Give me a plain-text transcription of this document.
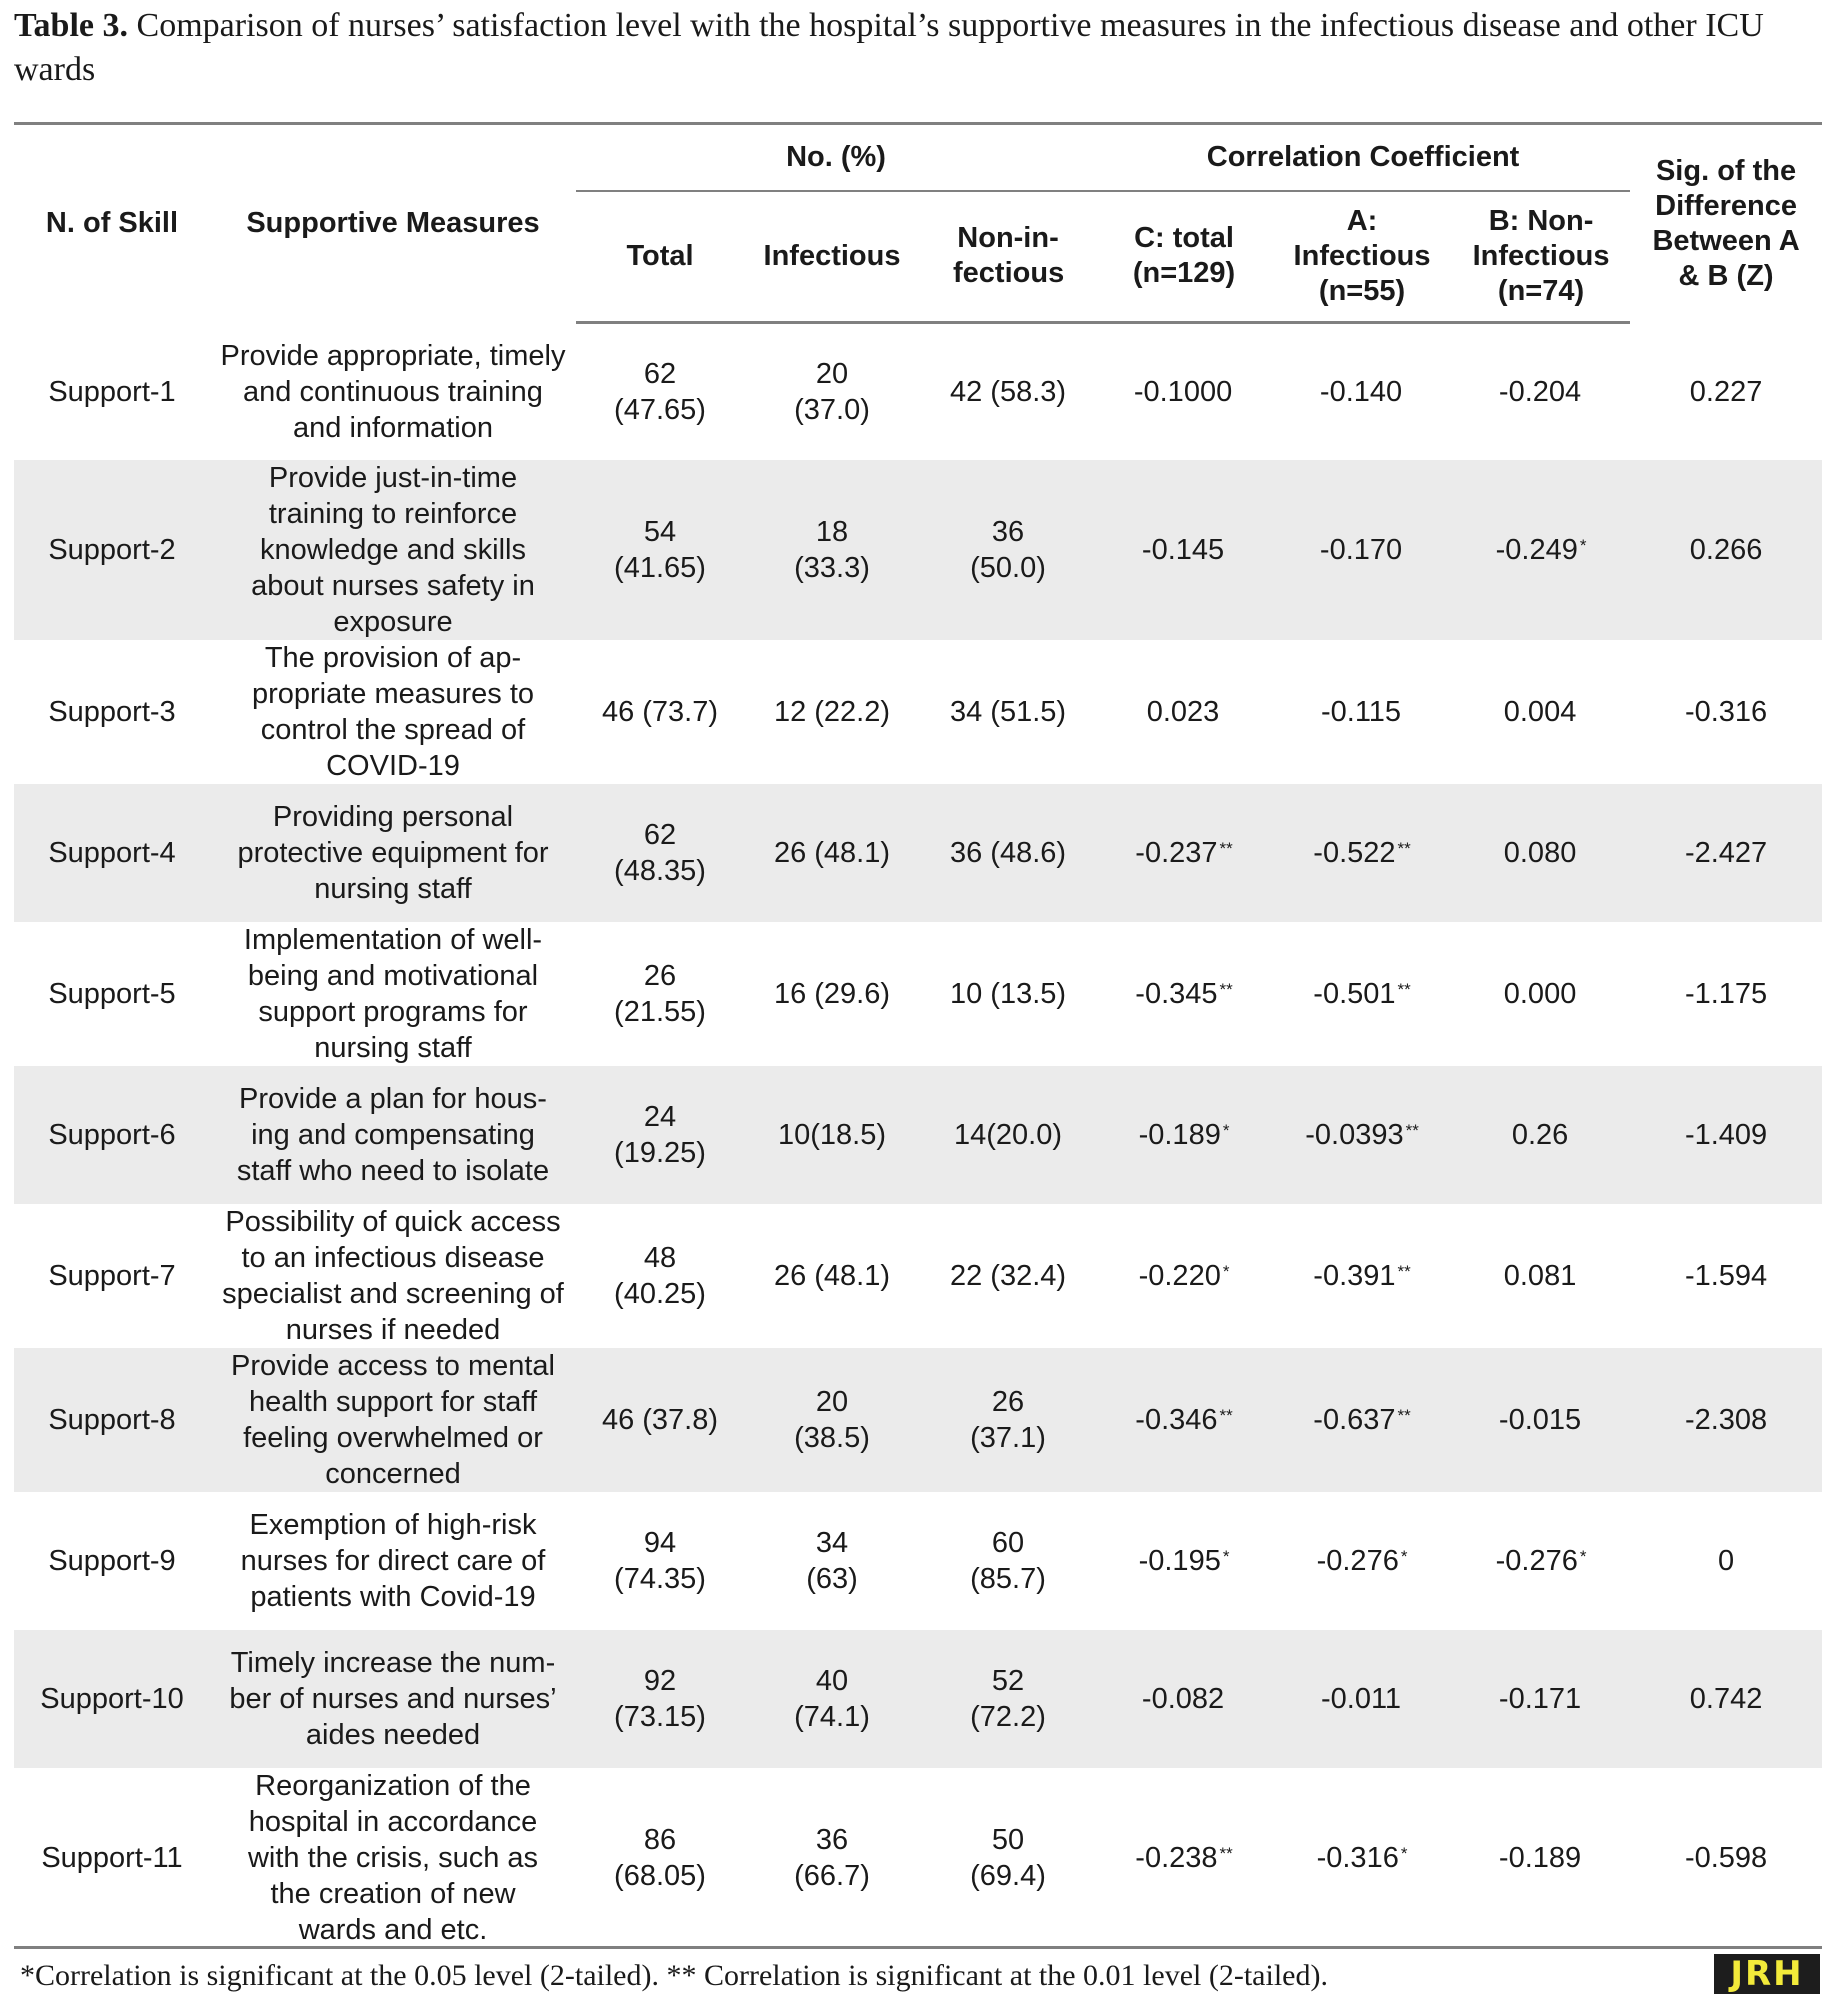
Table 3. Comparison of nurses’ satisfaction level with the hospital’s supportive measures in the infectious disease and other ICU wards
N. of Skill	Supportive Measures	No. (%)			Correlation Coefficient			Sig. of the Difference Between A & B (Z)

		Total	Infectious	Non-in-fectious	C: total (n=129)	A: Infectious (n=55)	B: Non-Infectious (n=74)	

Support-1	Provide appropriate, timely and continuous training and information	62 (47.65)	20 (37.0)	42 (58.3)	-0.1000	-0.140	-0.204	0.227
Support-2	Provide just-in-time training to reinforce knowledge and skills about nurses safety in exposure	54 (41.65)	18 (33.3)	36 (50.0)	-0.145	-0.170	-0.249 *	0.266
Support-3	The provision of ap-propriate measures to control the spread of COVID-19	46 (73.7)	12 (22.2)	34 (51.5)	0.023	-0.115	0.004	-0.316
Support-4	Providing personal protective equipment for nursing staff	62 (48.35)	26 (48.1)	36 (48.6)	-0.237 **	-0.522 **	0.080	-2.427
Support-5	Implementation of well-being and motivational support programs for nursing staff	26 (21.55)	16 (29.6)	10 (13.5)	-0.345 **	-0.501 **	0.000	-1.175
Support-6	Provide a plan for hous-ing and compensating staff who need to isolate	24 (19.25)	10(18.5)	14(20.0)	-0.189 *	-0.0393 **	0.26	-1.409
Support-7	Possibility of quick access to an infectious disease specialist and screening of nurses if needed	48 (40.25)	26 (48.1)	22 (32.4)	-0.220 *	-0.391 **	0.081	-1.594
Support-8	Provide access to mental health support for staff feeling overwhelmed or concerned	46 (37.8)	20 (38.5)	26 (37.1)	-0.346 **	-0.637 **	-0.015	-2.308
Support-9	Exemption of high-risk nurses for direct care of patients with Covid-19	94 (74.35)	34 (63)	60 (85.7)	-0.195 *	-0.276 *	-0.276 *	0
Support-10	Timely increase the num-ber of nurses and nurses’ aides needed	92 (73.15)	40 (74.1)	52 (72.2)	-0.082	-0.011	-0.171	0.742
Support-11	Reorganization of the hospital in accordance with the crisis, such as the creation of new wards and etc.	86 (68.05)	36 (66.7)	50 (69.4)	-0.238 **	-0.316 *	-0.189	-0.598
*Correlation is significant at the 0.05 level (2-tailed). ** Correlation is significant at the 0.01 level (2-tailed).	JRH
